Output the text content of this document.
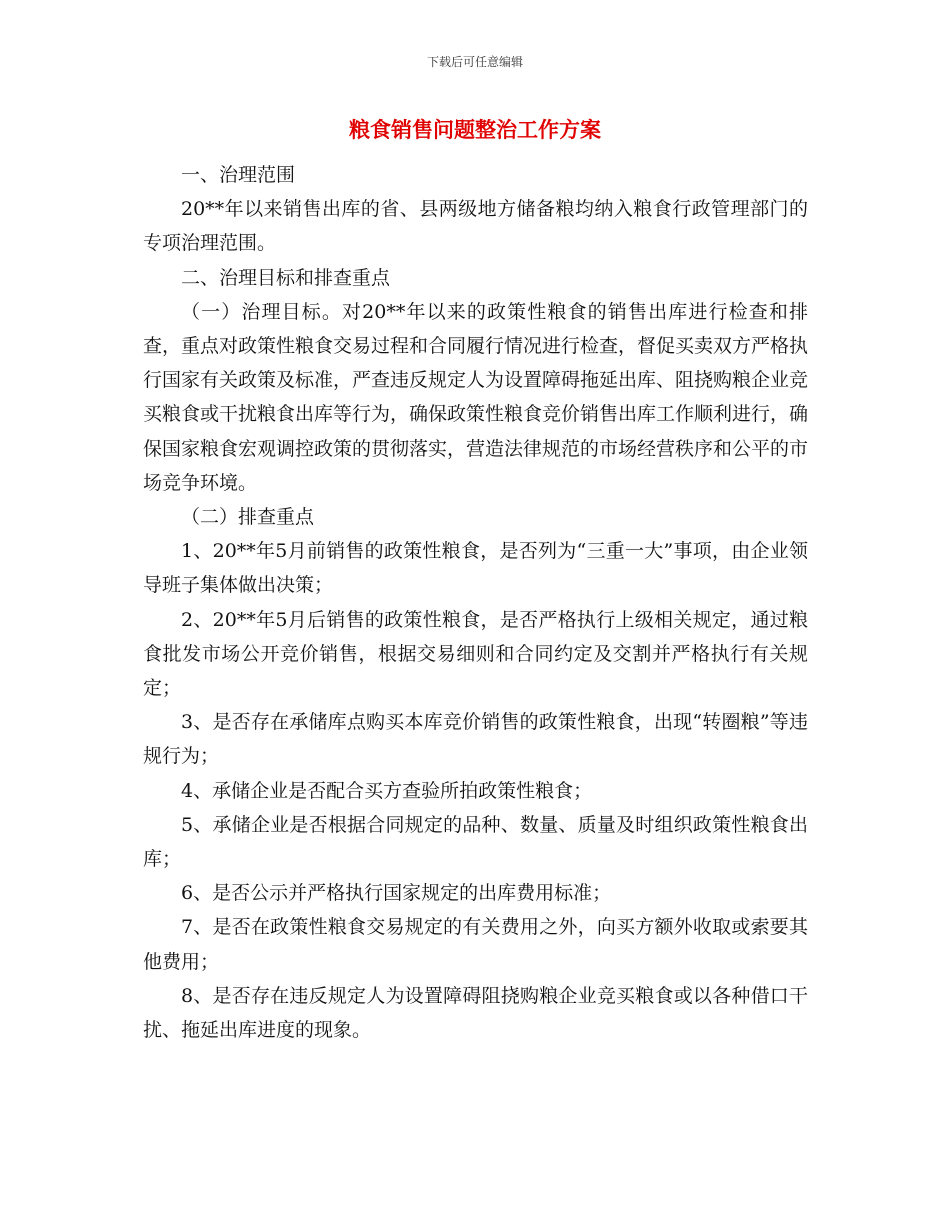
下载后可任意编辑
粮食销售问题整治工作方案

一、治理范围

20**年以来销售出库的省、县两级地方储备粮均纳入粮食行政管理部门的专项治理范围。

二、治理目标和排查重点

（一）治理目标。对20**年以来的政策性粮食的销售出库进行检查和排查，重点对政策性粮食交易过程和合同履行情况进行检查，督促买卖双方严格执行国家有关政策及标准，严查违反规定人为设置障碍拖延出库、阻挠购粮企业竞买粮食或干扰粮食出库等行为，确保政策性粮食竞价销售出库工作顺利进行，确保国家粮食宏观调控政策的贯彻落实，营造法律规范的市场经营秩序和公平的市场竞争环境。

（二）排查重点

1、20**年5月前销售的政策性粮食，是否列为“三重一大”事项，由企业领导班子集体做出决策；

2、20**年5月后销售的政策性粮食，是否严格执行上级相关规定，通过粮食批发市场公开竞价销售，根据交易细则和合同约定及交割并严格执行有关规定；

3、是否存在承储库点购买本库竞价销售的政策性粮食，出现“转圈粮”等违规行为；

4、承储企业是否配合买方查验所拍政策性粮食；

5、承储企业是否根据合同规定的品种、数量、质量及时组织政策性粮食出库；

6、是否公示并严格执行国家规定的出库费用标准；

7、是否在政策性粮食交易规定的有关费用之外，向买方额外收取或索要其他费用；

8、是否存在违反规定人为设置障碍阻挠购粮企业竞买粮食或以各种借口干扰、拖延出库进度的现象。
